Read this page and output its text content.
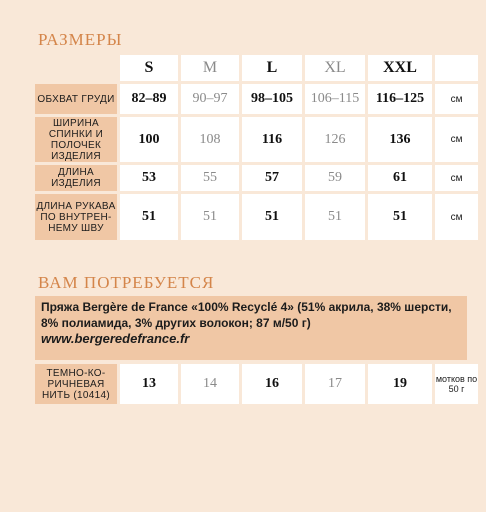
РАЗМЕРЫ
	S	M	L	XL	XXL	
ОБХВАТ ГРУДИ	82–89	90–97	98–105	106–115	116–125	см
ШИРИНА СПИНКИ И ПОЛОЧЕК ИЗДЕЛИЯ	100	108	116	126	136	см
ДЛИНА ИЗДЕЛИЯ	53	55	57	59	61	см
ДЛИНА РУКАВА ПО ВНУТРЕН- НЕМУ ШВУ	51	51	51	51	51	см
ВАМ ПОТРЕБУЕТСЯ
Пряжа Bergère de France «100% Recyclé 4» (51% акрила, 38% шерсти, 8% полиамида, 3% других волокон; 87 м/50 г)
www.bergeredefrance.fr
ТЕМНО-КО- РИЧНЕВАЯ НИТЬ (10414)	13	14	16	17	19	мотков по 50 г
